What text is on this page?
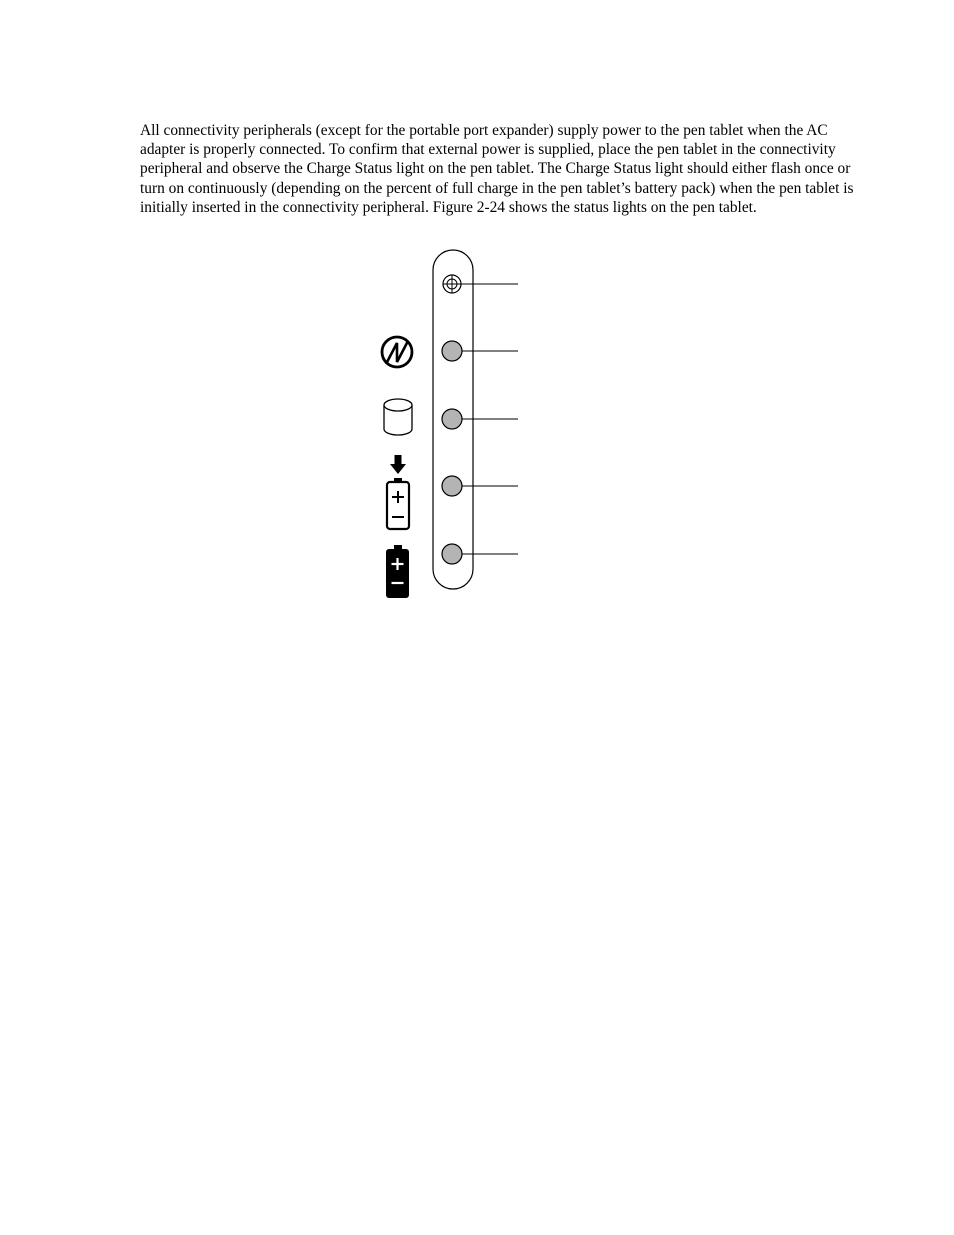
All connectivity peripherals (except for the portable port expander) supply power to the pen tablet when the AC adapter is properly connected. To confirm that external power is supplied, place the pen tablet in the connectivity peripheral and observe the Charge Status light on the pen tablet. The Charge Status light should either flash once or turn on continuously (depending on the percent of full charge in the pen tablet’s battery pack) when the pen tablet is initially inserted in the connectivity peripheral. Figure 2-24 shows the status lights on the pen tablet.
